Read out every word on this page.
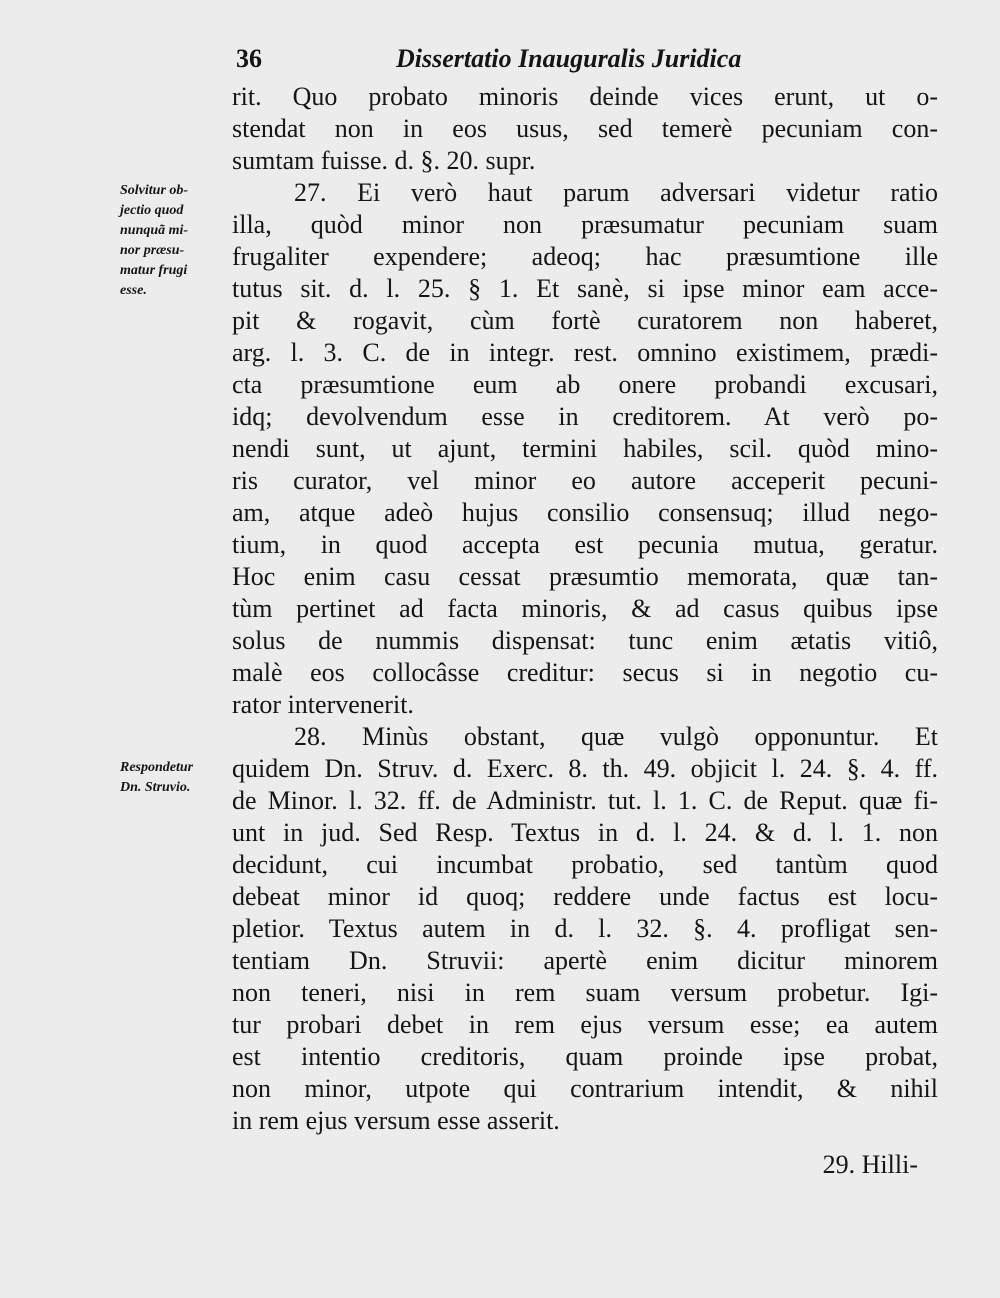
36	Dissertatio Inauguralis Juridica
Solvitur ob-
jectio quod
nunquã mi-
nor præsu-
matur frugi
esse.
Respondetur
Dn. Struvio.
rit. Quo probato minoris deinde vices erunt, ut o-
stendat non in eos usus, sed temerè pecuniam con-
sumtam fuisse. d. §. 20. supr.
27. Ei verò haut parum adversari videtur ratio
illa, quòd minor non præsumatur pecuniam suam
frugaliter expendere; adeoq; hac præsumtione ille
tutus sit. d. l. 25. § 1. Et sanè, si ipse minor eam acce-
pit & rogavit, cùm fortè curatorem non haberet,
arg. l. 3. C. de in integr. rest. omnino existimem, prædi-
cta præsumtione eum ab onere probandi excusari,
idq; devolvendum esse in creditorem. At verò po-
nendi sunt, ut ajunt, termini habiles, scil. quòd mino-
ris curator, vel minor eo autore acceperit pecuni-
am, atque adeò hujus consilio consensuq; illud nego-
tium, in quod accepta est pecunia mutua, geratur.
Hoc enim casu cessat præsumtio memorata, quæ tan-
tùm pertinet ad facta minoris, & ad casus quibus ipse
solus de nummis dispensat: tunc enim ætatis vitiô,
malè eos collocâsse creditur: secus si in negotio cu-
rator intervenerit.
28. Minùs obstant, quæ vulgò opponuntur. Et
quidem Dn. Struv. d. Exerc. 8. th. 49. objicit l. 24. §. 4. ff.
de Minor. l. 32. ff. de Administr. tut. l. 1. C. de Reput. quæ fi-
unt in jud. Sed Resp. Textus in d. l. 24. & d. l. 1. non
decidunt, cui incumbat probatio, sed tantùm quod
debeat minor id quoq; reddere unde factus est locu-
pletior. Textus autem in d. l. 32. §. 4. profligat sen-
tentiam Dn. Struvii: apertè enim dicitur minorem
non teneri, nisi in rem suam versum probetur. Igi-
tur probari debet in rem ejus versum esse; ea autem
est intentio creditoris, quam proinde ipse probat,
non minor, utpote qui contrarium intendit, & nihil
in rem ejus versum esse asserit.
29. Hilli-
